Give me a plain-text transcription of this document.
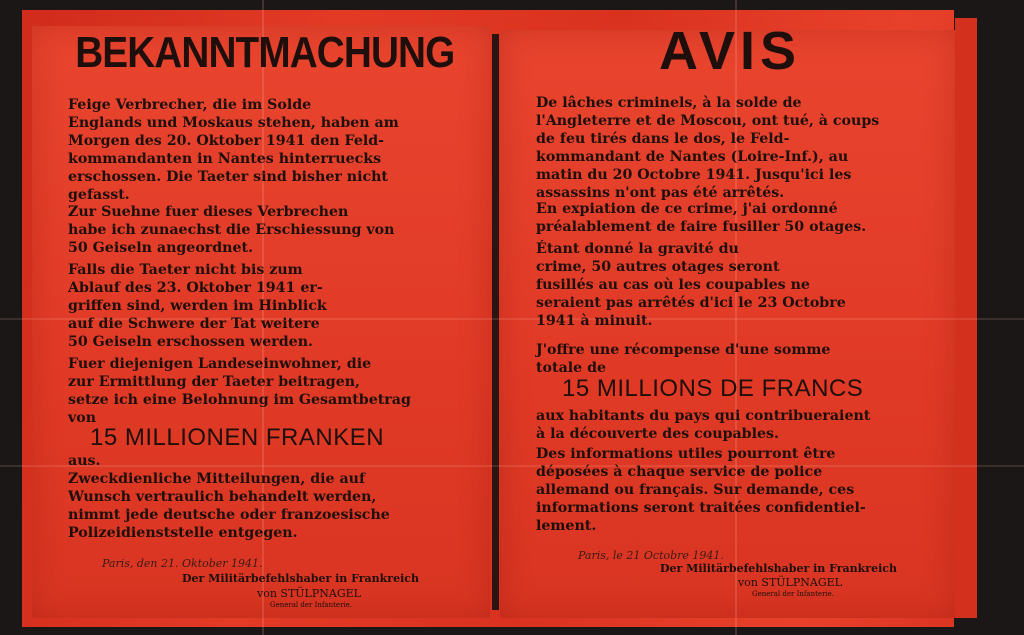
BEKANNTMACHUNG
Feige Verbrecher, die im Solde
Englands und Moskaus stehen, haben am
Morgen des 20. Oktober 1941 den Feld-
kommandanten in Nantes hinterruecks
erschossen. Die Taeter sind bisher nicht
gefasst.
Zur Suehne fuer dieses Verbrechen
habe ich zunaechst die Erschiessung von
50 Geiseln angeordnet.
Falls die Taeter nicht bis zum
Ablauf des 23. Oktober 1941 er-
griffen sind, werden im Hinblick
auf die Schwere der Tat weitere
50 Geiseln erschossen werden.
Fuer diejenigen Landeseinwohner, die
zur Ermittlung der Taeter beitragen,
setze ich eine Belohnung im Gesamtbetrag
von
15 MILLIONEN FRANKEN
aus.
Zweckdienliche Mitteilungen, die auf
Wunsch vertraulich behandelt werden,
nimmt jede deutsche oder franzoesische
Polizeidienststelle entgegen.
Paris, den 21. Oktober 1941.
Der Militärbefehlshaber in Frankreich
von STÜLPNAGEL
General der Infanterie.
AVIS
De lâches criminels, à la solde de
l'Angleterre et de Moscou, ont tué, à coups
de feu tirés dans le dos, le Feld-
kommandant de Nantes (Loire-Inf.), au
matin du 20 Octobre 1941. Jusqu'ici les
assassins n'ont pas été arrêtés.
En expiation de ce crime, j'ai ordonné
préalablement de faire fusiller 50 otages.
Étant donné la gravité du
crime, 50 autres otages seront
fusillés au cas où les coupables ne
seraient pas arrêtés d'ici le 23 Octobre
1941 à minuit.
J'offre une récompense d'une somme
totale de
15 MILLIONS DE FRANCS
aux habitants du pays qui contribueraient
à la découverte des coupables.
Des informations utiles pourront être
déposées à chaque service de police
allemand ou français. Sur demande, ces
informations seront traitées confidentiel-
lement.
Paris, le 21 Octobre 1941.
Der Militärbefehlshaber in Frankreich
von STÜLPNAGEL
General der Infanterie.
